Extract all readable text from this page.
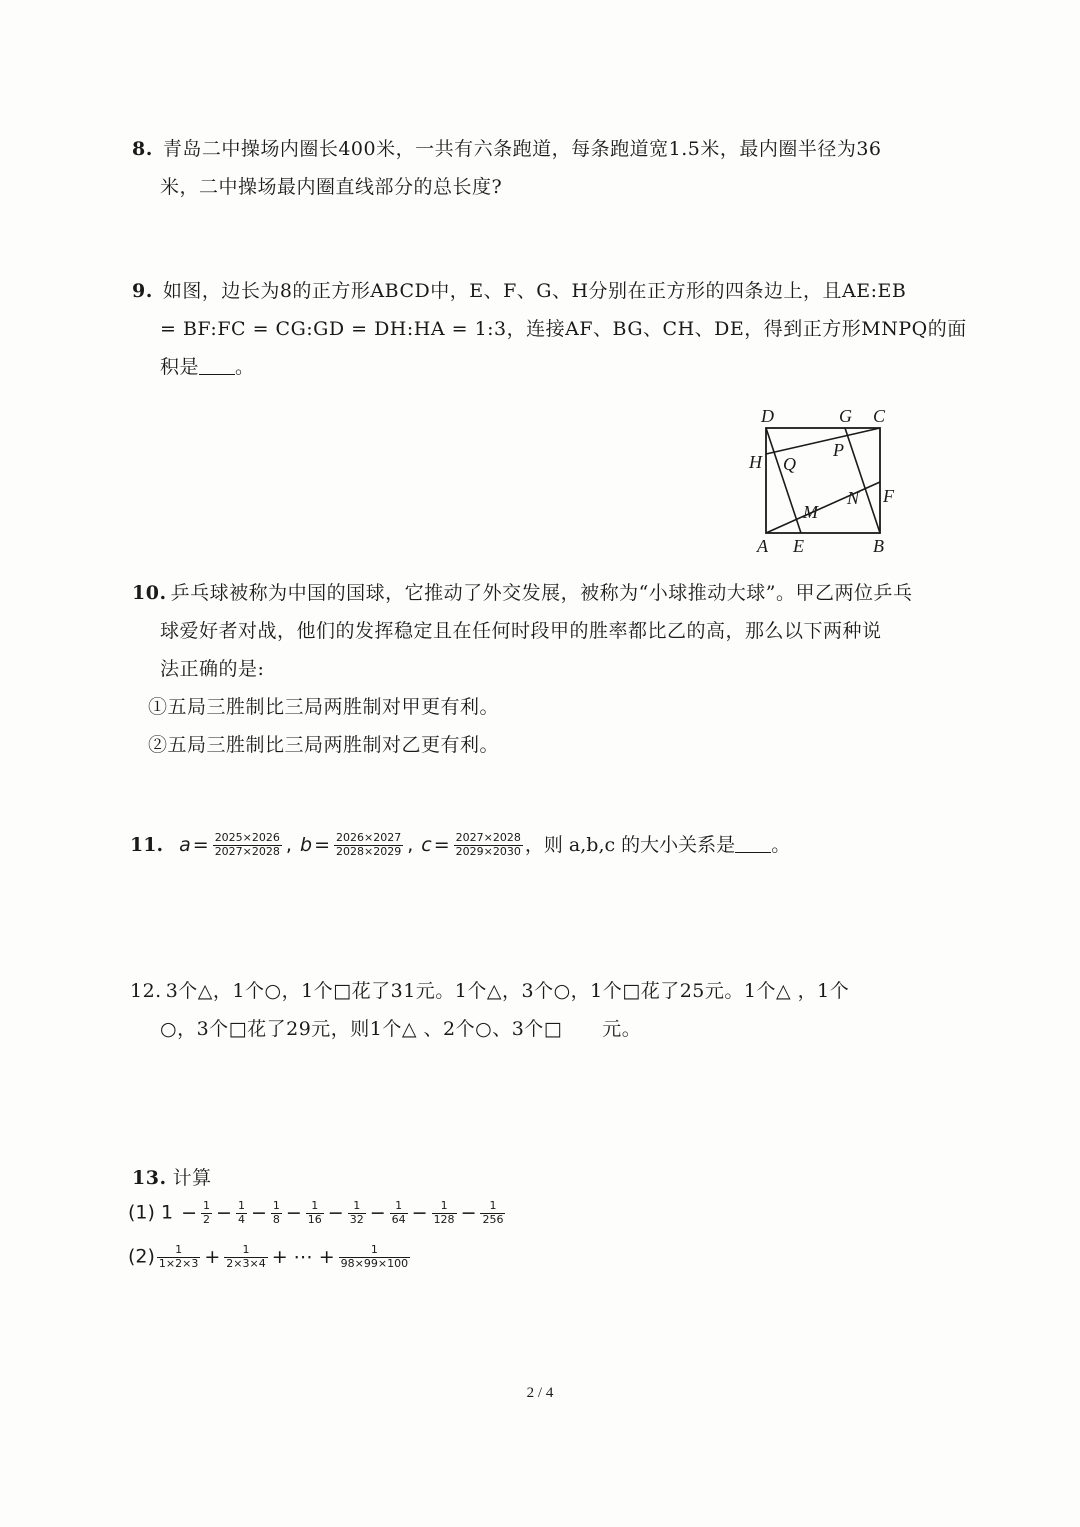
8. 青岛二中操场内圈长400米，一共有六条跑道，每条跑道宽1.5米，最内圈半径为36
米，二中操场最内圈直线部分的总长度?
9. 如图，边长为8的正方形ABCD中，E、F、G、H分别在正方形的四条边上，且AE:EB
= BF:FC = CG:GD = DH:HA = 1:3，连接AF、BG、CH、DE，得到正方形MNPQ的面
积是 。
D	G C
H Q
P
N F
M
A E	B
10. 乒乓球被称为中国的国球，它推动了外交发展，被称为“小球推动大球”。甲乙两位乒乓
球爱好者对战，他们的发挥稳定且在任何时段甲的胜率都比乙的高，那么以下两种说
法正确的是:
①五局三胜制比三局两胜制对甲更有利。
②五局三胜制比三局两胜制对乙更有利。
11. $a = \frac{2025\times 2026}{2027\times 2028}$ , $b = \frac{2026\times 2027}{2028\times 2029}$ , $c = \frac{2027\times 2028}{2029\times 2030}$ ，则 a,b,c 的大小关系是 。
12. 3个△，1个○，1个□花了31元。1个△，3个○，1个□花了25元。1个△ ，1个
○，3个□花了29元，则1个△ 、2个○、3个□ 元。
13. 计算
(1) $1 - \frac{1}{2} - \frac{1}{4} - \frac{1}{8} - \frac{1}{16} - \frac{1}{32} - \frac{1}{64} - \frac{1}{128} - \frac{1}{256}$
$(2) \frac{1}{1\times 2\times 3} + \frac{1}{2\times 3\times 4}$ + ⋯ + $\frac{1}{98\times 99\times 100}$
2 / 4
